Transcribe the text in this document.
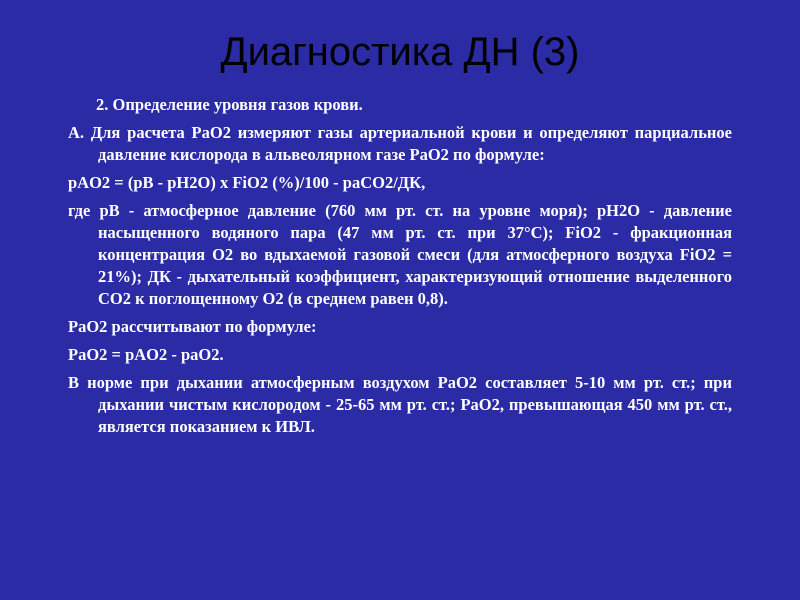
Диагностика ДН (3)

2. Определение уровня газов крови.

А. Для расчета PaO2 измеряют газы артериальной крови и определяют парциальное давление кислорода в альвеолярном газе PaO2 по формуле:

pAO2 = (pB - pH2O) x FiO2 (%)/100 - paCO2/ДК,

где pB - атмосферное давление (760 мм рт. ст. на уровне моря); pH2O - давление насыщенного водяного пара (47 мм рт. ст. при 37°С); FiO2 - фракционная концентрация O2 во вдыхаемой газовой смеси (для атмосферного воздуха FiO2 = 21%); ДК - дыхательный коэффициент, характеризующий отношение выделенного CO2 к поглощенному O2 (в среднем равен 0,8).

PaO2 рассчитывают по формуле:

PaO2 = pAO2 - paO2.

В норме при дыхании атмосферным воздухом PaO2 составляет 5-10 мм рт. ст.; при дыхании чистым кислородом - 25-65 мм рт. ст.; PaO2, превышающая 450 мм рт. ст., является показанием к ИВЛ.
